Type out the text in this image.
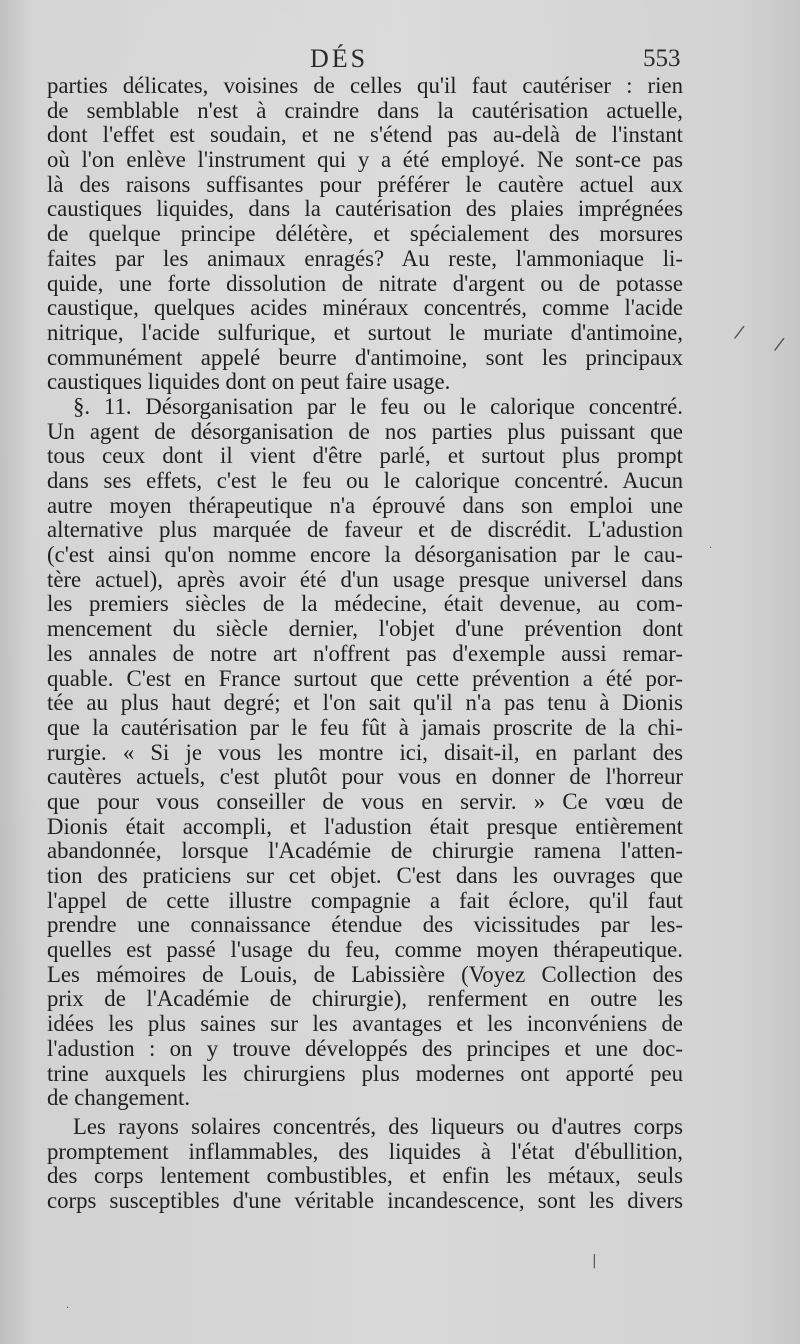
DÉS	553
parties délicates, voisines de celles qu'il faut cautériser : rien
de semblable n'est à craindre dans la cautérisation actuelle,
dont l'effet est soudain, et ne s'étend pas au-delà de l'instant
où l'on enlève l'instrument qui y a été employé. Ne sont-ce pas
là des raisons suffisantes pour préférer le cautère actuel aux
caustiques liquides, dans la cautérisation des plaies imprégnées
de quelque principe délétère, et spécialement des morsures
faites par les animaux enragés? Au reste, l'ammoniaque li-
quide, une forte dissolution de nitrate d'argent ou de potasse
caustique, quelques acides minéraux concentrés, comme l'acide
nitrique, l'acide sulfurique, et surtout le muriate d'antimoine,
communément appelé beurre d'antimoine, sont les principaux
caustiques liquides dont on peut faire usage.
§. 11. Désorganisation par le feu ou le calorique concentré.
Un agent de désorganisation de nos parties plus puissant que
tous ceux dont il vient d'être parlé, et surtout plus prompt
dans ses effets, c'est le feu ou le calorique concentré. Aucun
autre moyen thérapeutique n'a éprouvé dans son emploi une
alternative plus marquée de faveur et de discrédit. L'adustion
(c'est ainsi qu'on nomme encore la désorganisation par le cau-
tère actuel), après avoir été d'un usage presque universel dans
les premiers siècles de la médecine, était devenue, au com-
mencement du siècle dernier, l'objet d'une prévention dont
les annales de notre art n'offrent pas d'exemple aussi remar-
quable. C'est en France surtout que cette prévention a été por-
tée au plus haut degré; et l'on sait qu'il n'a pas tenu à Dionis
que la cautérisation par le feu fût à jamais proscrite de la chi-
rurgie. « Si je vous les montre ici, disait-il, en parlant des
cautères actuels, c'est plutôt pour vous en donner de l'horreur
que pour vous conseiller de vous en servir. » Ce vœu de
Dionis était accompli, et l'adustion était presque entièrement
abandonnée, lorsque l'Académie de chirurgie ramena l'atten-
tion des praticiens sur cet objet. C'est dans les ouvrages que
l'appel de cette illustre compagnie a fait éclore, qu'il faut
prendre une connaissance étendue des vicissitudes par les-
quelles est passé l'usage du feu, comme moyen thérapeutique.
Les mémoires de Louis, de Labissière (Voyez Collection des
prix de l'Académie de chirurgie), renferment en outre les
idées les plus saines sur les avantages et les inconvéniens de
l'adustion : on y trouve développés des principes et une doc-
trine auxquels les chirurgiens plus modernes ont apporté peu
de changement.
Les rayons solaires concentrés, des liqueurs ou d'autres corps
promptement inflammables, des liquides à l'état d'ébullition,
des corps lentement combustibles, et enfin les métaux, seuls
corps susceptibles d'une véritable incandescence, sont les divers
/
/
·
|
·
